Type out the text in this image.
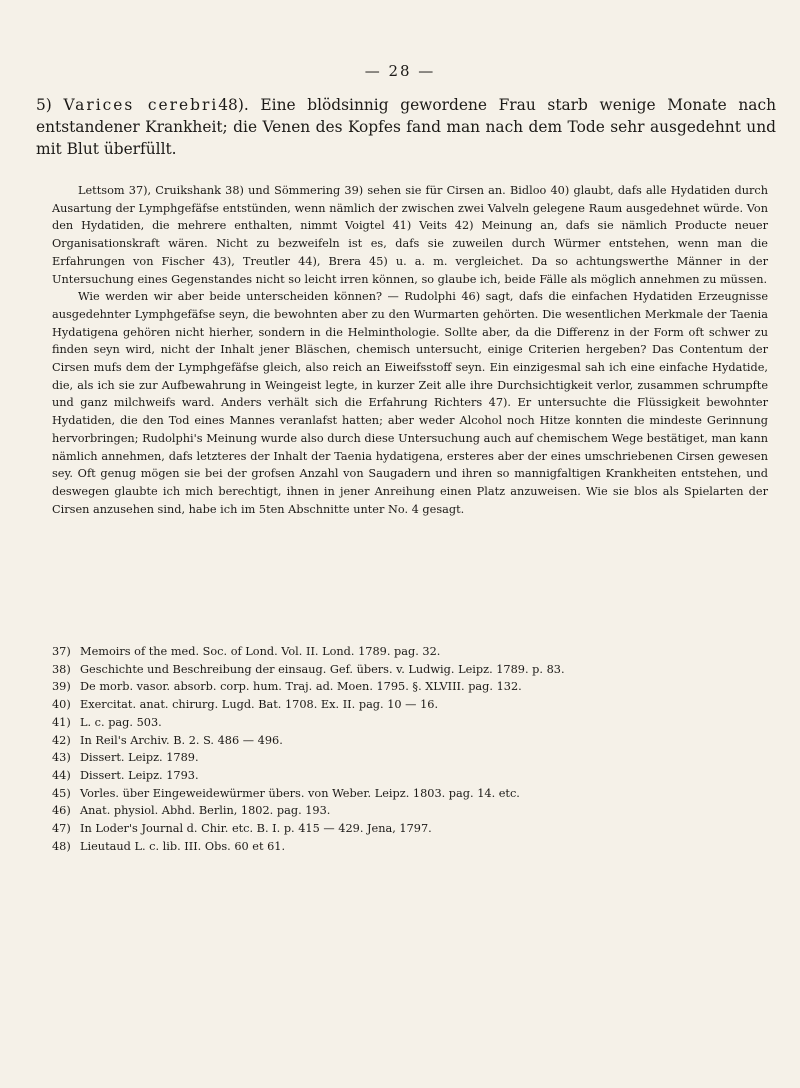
— 28 —
5) Varices cerebri48). Eine blödsinnig gewordene Frau starb wenige Monate nach entstandener Krankheit; die Venen des Kopfes fand man nach dem Tode sehr ausgedehnt und mit Blut überfüllt.

Lettsom 37), Cruikshank 38) und Sömmering 39) sehen sie für Cirsen an. Bidloo 40) glaubt, dafs alle Hydatiden durch Ausartung der Lymphgefäfse entstünden, wenn nämlich der zwischen zwei Valveln gelegene Raum ausgedehnet würde. Von den Hydatiden, die mehrere enthalten, nimmt Voigtel 41) Veits 42) Meinung an, dafs sie nämlich Producte neuer Organisationskraft wären. Nicht zu bezweifeln ist es, dafs sie zuweilen durch Würmer entstehen, wenn man die Erfahrungen von Fischer 43), Treutler 44), Brera 45) u. a. m. vergleichet. Da so achtungswerthe Männer in der Untersuchung eines Gegenstandes nicht so leicht irren können, so glaube ich, beide Fälle als möglich annehmen zu müssen.

Wie werden wir aber beide unterscheiden können? — Rudolphi 46) sagt, dafs die einfachen Hydatiden Erzeugnisse ausgedehnter Lymphgefäfse seyn, die bewohnten aber zu den Wurmarten gehörten. Die wesentlichen Merkmale der Taenia Hydatigena gehören nicht hierher, sondern in die Helminthologie. Sollte aber, da die Differenz in der Form oft schwer zu finden seyn wird, nicht der Inhalt jener Bläschen, chemisch untersucht, einige Criterien hergeben? Das Contentum der Cirsen mufs dem der Lymphgefäfse gleich, also reich an Eiweifsstoff seyn. Ein einzigesmal sah ich eine einfache Hydatide, die, als ich sie zur Aufbewahrung in Weingeist legte, in kurzer Zeit alle ihre Durchsichtigkeit verlor, zusammen schrumpfte und ganz milchweifs ward. Anders verhält sich die Erfahrung Richters 47). Er untersuchte die Flüssigkeit bewohnter Hydatiden, die den Tod eines Mannes veranlafst hatten; aber weder Alcohol noch Hitze konnten die mindeste Gerinnung hervorbringen; Rudolphi's Meinung wurde also durch diese Untersuchung auch auf chemischem Wege bestätiget, man kann nämlich annehmen, dafs letzteres der Inhalt der Taenia hydatigena, ersteres aber der eines umschriebenen Cirsen gewesen sey. Oft genug mögen sie bei der grofsen Anzahl von Saugadern und ihren so mannigfaltigen Krankheiten entstehen, und deswegen glaubte ich mich berechtigt, ihnen in jener Anreihung einen Platz anzuweisen. Wie sie blos als Spielarten der Cirsen anzusehen sind, habe ich im 5ten Abschnitte unter No. 4 gesagt.

37) Memoirs of the med. Soc. of Lond. Vol. II. Lond. 1789. pag. 32.

38) Geschichte und Beschreibung der einsaug. Gef. übers. v. Ludwig. Leipz. 1789. p. 83.

39) De morb. vasor. absorb. corp. hum. Traj. ad. Moen. 1795. §. XLVIII. pag. 132.

40) Exercitat. anat. chirurg. Lugd. Bat. 1708. Ex. II. pag. 10 — 16.

41) L. c. pag. 503.

42) In Reil's Archiv. B. 2. S. 486 — 496.

43) Dissert. Leipz. 1789.

44) Dissert. Leipz. 1793.

45) Vorles. über Eingeweidewürmer übers. von Weber. Leipz. 1803. pag. 14. etc.

46) Anat. physiol. Abhd. Berlin, 1802. pag. 193.

47) In Loder's Journal d. Chir. etc. B. I. p. 415 — 429. Jena, 1797.

48) Lieutaud L. c. lib. III. Obs. 60 et 61.
